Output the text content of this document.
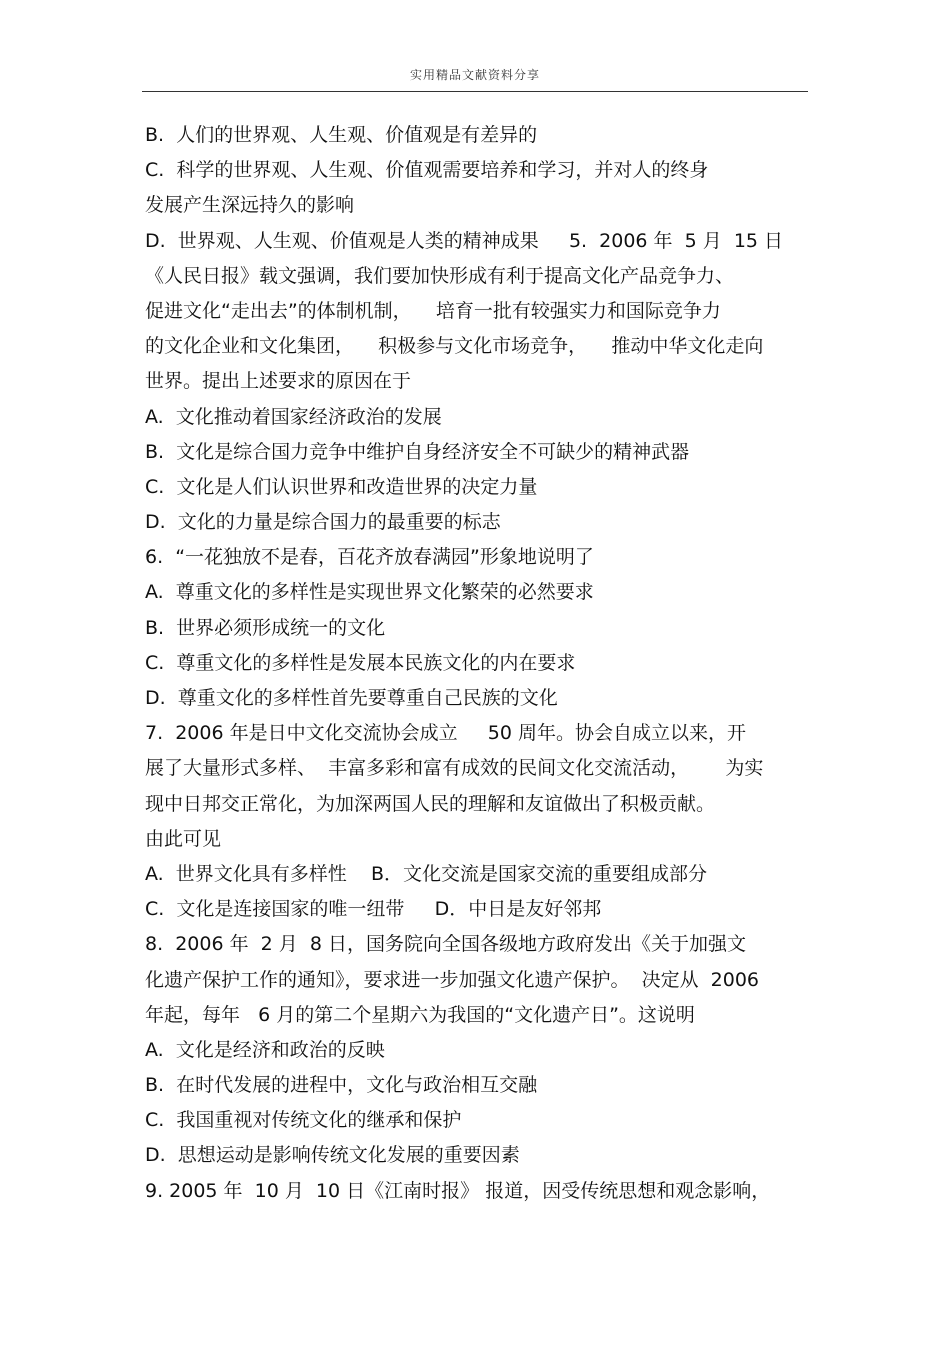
实用精品文献资料分享
B.  人们的世界观、人生观、价值观是有差异的
C.  科学的世界观、人生观、价值观需要培养和学习，并对人的终身
发展产生深远持久的影响
D.  世界观、人生观、价值观是人类的精神成果     5.  2006 年  5 月  15 日
《人民日报》载文强调，我们要加快形成有利于提高文化产品竞争力、
促进文化“走出去”的体制机制，    培育一批有较强实力和国际竞争力
的文化企业和文化集团，    积极参与文化市场竞争，    推动中华文化走向
世界。提出上述要求的原因在于
A.  文化推动着国家经济政治的发展
B.  文化是综合国力竞争中维护自身经济安全不可缺少的精神武器
C.  文化是人们认识世界和改造世界的决定力量
D.  文化的力量是综合国力的最重要的标志
6.  “一花独放不是春，百花齐放春满园”形象地说明了
A.  尊重文化的多样性是实现世界文化繁荣的必然要求
B.  世界必须形成统一的文化
C.  尊重文化的多样性是发展本民族文化的内在要求
D.  尊重文化的多样性首先要尊重自己民族的文化
7.  2006 年是日中文化交流协会成立     50 周年。协会自成立以来，开
展了大量形式多样、  丰富多彩和富有成效的民间文化交流活动，      为实
现中日邦交正常化，为加深两国人民的理解和友谊做出了积极贡献。
由此可见
A.  世界文化具有多样性    B．文化交流是国家交流的重要组成部分
C.  文化是连接国家的唯一纽带     D．中日是友好邻邦
8.  2006 年  2 月  8 日，国务院向全国各级地方政府发出《关于加强文
化遗产保护工作的通知》，要求进一步加强文化遗产保护。  决定从  2006
年起，每年   6 月的第二个星期六为我国的“文化遗产日”。这说明
A.  文化是经济和政治的反映
B.  在时代发展的进程中，文化与政治相互交融
C.  我国重视对传统文化的继承和保护
D.  思想运动是影响传统文化发展的重要因素
9. 2005 年  10 月  10 日《江南时报》 报道，因受传统思想和观念影响，
